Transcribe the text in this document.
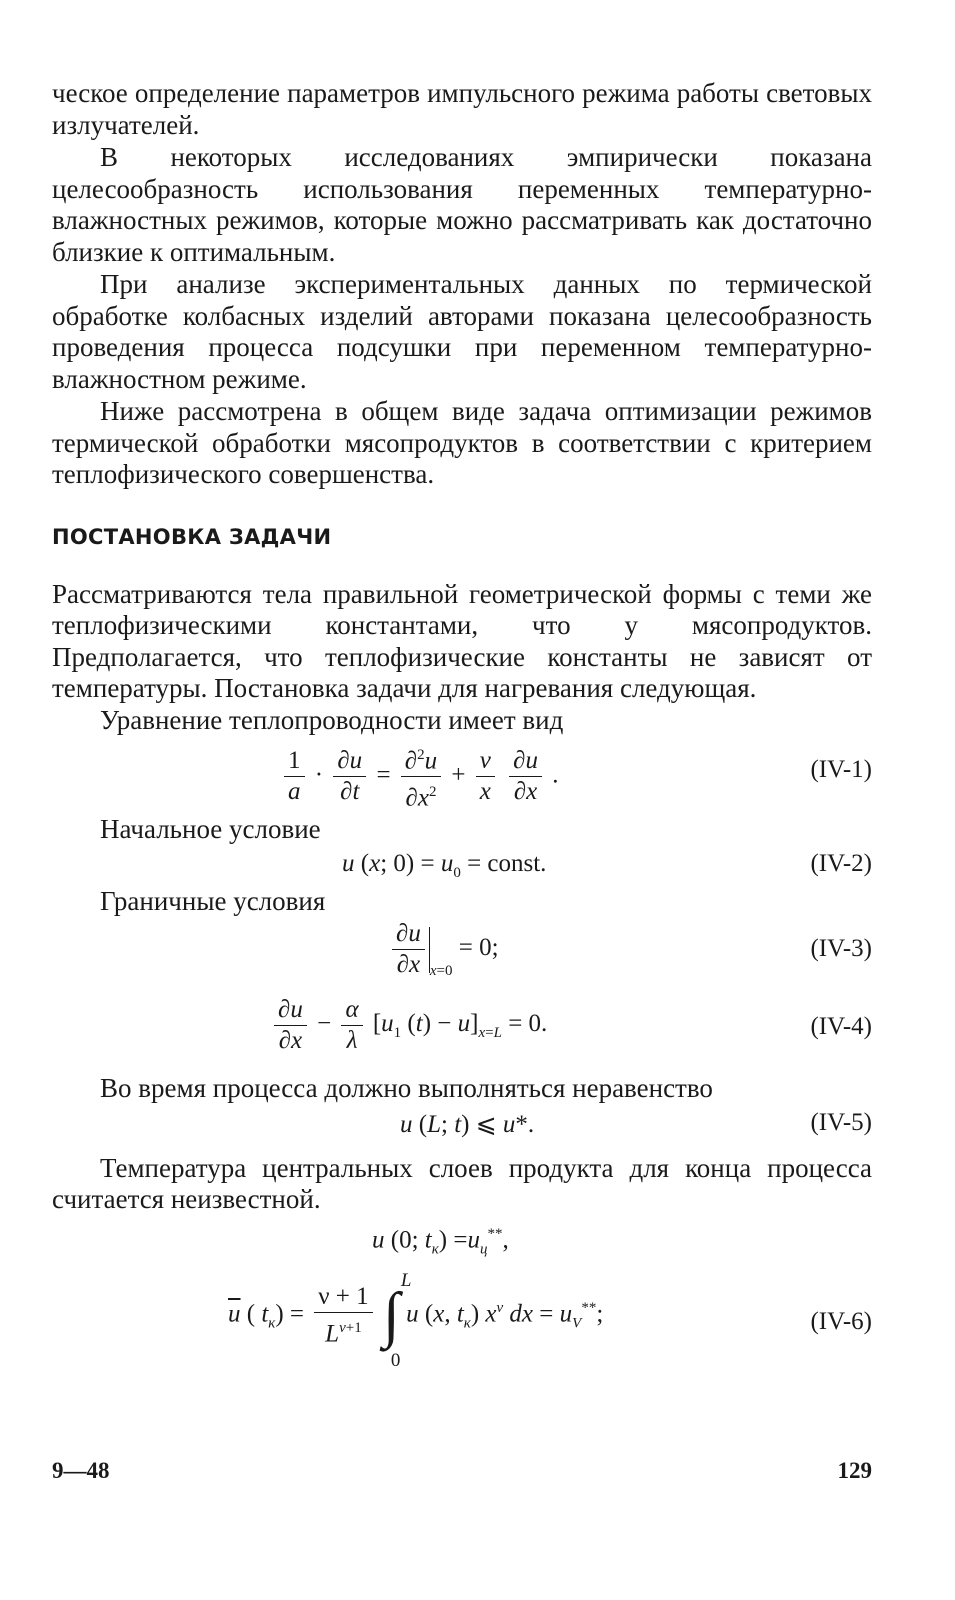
ческое определение параметров импульсного режима работы световых излучателей.

В некоторых исследованиях эмпирически показана целесообразность использования переменных температурно-влажностных режимов, которые можно рассматривать как достаточно близкие к оптимальным.

При анализе экспериментальных данных по термической обработке колбасных изделий авторами показана целесообразность проведения процесса подсушки при переменном температурно-влажностном режиме.

Ниже рассмотрена в общем виде задача оптимизации режимов термической обработки мясопродуктов в соответствии с критерием теплофизического совершенства.

ПОСТАНОВКА ЗАДАЧИ

Рассматриваются тела правильной геометрической формы с теми же теплофизическими константами, что у мясопродуктов. Предполагается, что теплофизические константы не зависят от температуры. Постановка задачи для нагревания следующая.

Уравнение теплопроводности имеет вид

$\frac{1}{a} \cdot \frac{\partial u}{\partial t} = \frac{\partial^2u}{\partial x^2} + \frac{\nu}{x}$
$\frac{\partial u}{\partial x}$ .	(IV-1)

Начальное условие

u (x; $0) = u_0$ = const.	(IV-2)

Граничные условия

$\frac{\partial u}{\partial x} _{x=0} = 0$;	(IV-3)
$\frac{\partial u}{\partial x} - \frac{\alpha}{\lambda} [u_1$ $(t) - u]_{x=L} = 0$.	(IV-4)

Во время процесса должно выполняться неравенство

u (L; t) ⩽ u*.	(IV-5)

Температура центральных слоев продукта для конца процесса считается неизвестной.

u (0; $t_к) =u_ц^{**}$,
$\overline{u}$ ( $t_к) = \frac{\nu + 1}{L^{\nu+1}}$

L
∫
0
u (x, $t_к$) $x^\nu$ dx = $u_V^{**}$;	(IV-6)
9—48	129
